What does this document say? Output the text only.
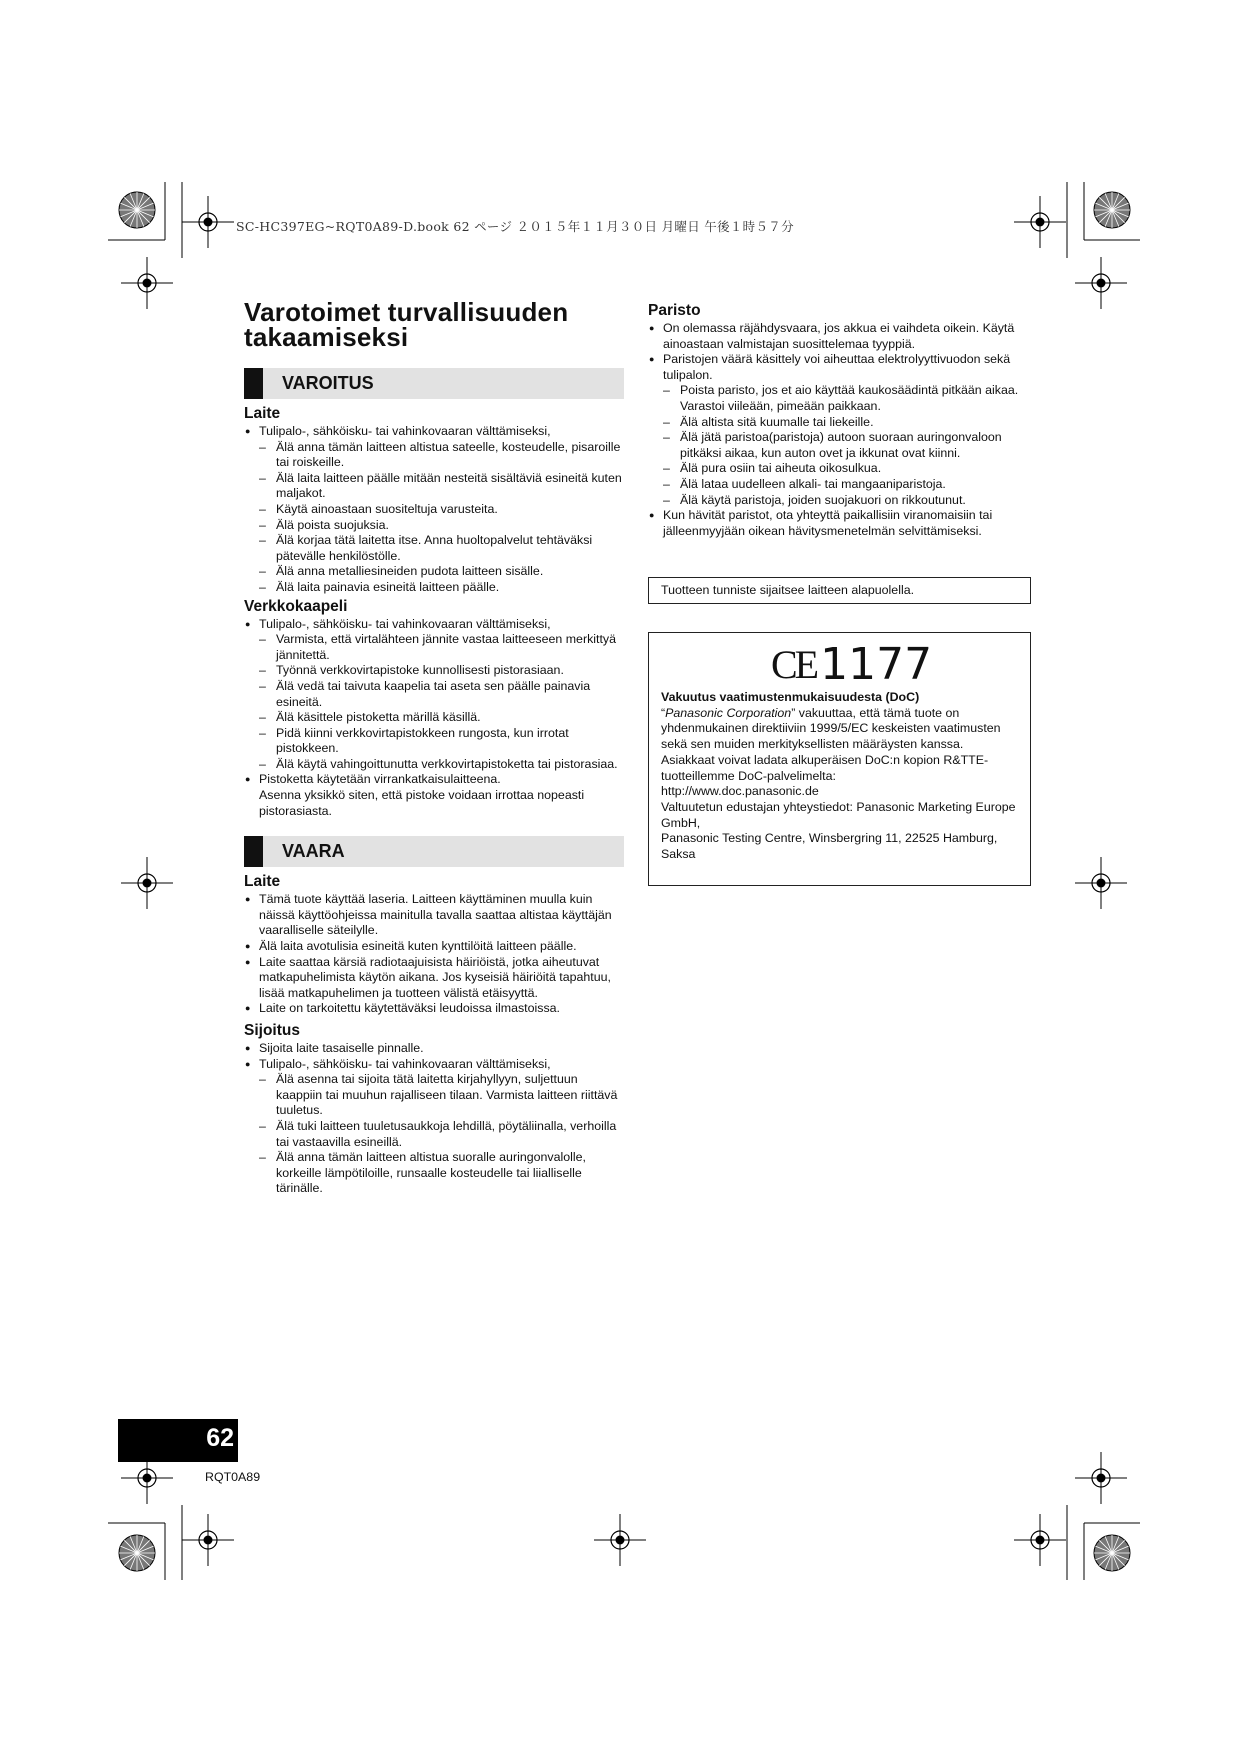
SC-HC397EG~RQT0A89-D.book 62 ページ ２０１５年１１月３０日 月曜日 午後１時５７分
Varotoimet turvallisuuden
takaamiseksi
VAROITUS
Laite
● Tulipalo-, sähköisku- tai vahinkovaaran välttämiseksi,
– Älä anna tämän laitteen altistua sateelle, kosteudelle, pisaroille tai roiskeille.
– Älä laita laitteen päälle mitään nesteitä sisältäviä esineitä kuten maljakot.
– Käytä ainoastaan suositeltuja varusteita.
– Älä poista suojuksia.
– Älä korjaa tätä laitetta itse. Anna huoltopalvelut tehtäväksi pätevälle henkilöstölle.
– Älä anna metalliesineiden pudota laitteen sisälle.
– Älä laita painavia esineitä laitteen päälle.
Verkkokaapeli
● Tulipalo-, sähköisku- tai vahinkovaaran välttämiseksi,
– Varmista, että virtalähteen jännite vastaa laitteeseen merkittyä jännitettä.
– Työnnä verkkovirtapistoke kunnollisesti pistorasiaan.
– Älä vedä tai taivuta kaapelia tai aseta sen päälle painavia esineitä.
– Älä käsittele pistoketta märillä käsillä.
– Pidä kiinni verkkovirtapistokkeen rungosta, kun irrotat pistokkeen.
– Älä käytä vahingoittunutta verkkovirtapistoketta tai pistorasiaa.
● Pistoketta käytetään virrankatkaisulaitteena.
Asenna yksikkö siten, että pistoke voidaan irrottaa nopeasti pistorasiasta.
VAARA
Laite
● Tämä tuote käyttää laseria. Laitteen käyttäminen muulla kuin näissä käyttöohjeissa mainitulla tavalla saattaa altistaa käyttäjän vaaralliselle säteilylle.
● Älä laita avotulisia esineitä kuten kynttilöitä laitteen päälle.
● Laite saattaa kärsiä radiotaajuisista häiriöistä, jotka aiheutuvat matkapuhelimista käytön aikana. Jos kyseisiä häiriöitä tapahtuu, lisää matkapuhelimen ja tuotteen välistä etäisyyttä.
● Laite on tarkoitettu käytettäväksi leudoissa ilmastoissa.
Sijoitus
● Sijoita laite tasaiselle pinnalle.
● Tulipalo-, sähköisku- tai vahinkovaaran välttämiseksi,
– Älä asenna tai sijoita tätä laitetta kirjahyllyyn, suljettuun kaappiin tai muuhun rajalliseen tilaan. Varmista laitteen riittävä tuuletus.
– Älä tuki laitteen tuuletusaukkoja lehdillä, pöytäliinalla, verhoilla tai vastaavilla esineillä.
– Älä anna tämän laitteen altistua suoralle auringonvalolle, korkeille lämpötiloille, runsaalle kosteudelle tai liialliselle tärinälle.
Paristo
● On olemassa räjähdysvaara, jos akkua ei vaihdeta oikein. Käytä ainoastaan valmistajan suosittelemaa tyyppiä.
● Paristojen väärä käsittely voi aiheuttaa elektrolyyttivuodon sekä tulipalon.
– Poista paristo, jos et aio käyttää kaukosäädintä pitkään aikaa. Varastoi viileään, pimeään paikkaan.
– Älä altista sitä kuumalle tai liekeille.
– Älä jätä paristoa(paristoja) autoon suoraan auringonvaloon pitkäksi aikaa, kun auton ovet ja ikkunat ovat kiinni.
– Älä pura osiin tai aiheuta oikosulkua.
– Älä lataa uudelleen alkali- tai mangaaniparistoja.
– Älä käytä paristoja, joiden suojakuori on rikkoutunut.
● Kun hävität paristot, ota yhteyttä paikallisiin viranomaisiin tai jälleenmyyjään oikean hävitysmenetelmän selvittämiseksi.
Tuotteen tunniste sijaitsee laitteen alapuolella.
CE 1177
Vakuutus vaatimustenmukaisuudesta (DoC)
“Panasonic Corporation” vakuuttaa, että tämä tuote on yhdenmukainen direktiiviin 1999/5/EC keskeisten vaatimusten sekä sen muiden merkityksellisten määräysten kanssa.
Asiakkaat voivat ladata alkuperäisen DoC:n kopion R&TTE-tuotteillemme DoC-palvelimelta:
http://www.doc.panasonic.de
Valtuutetun edustajan yhteystiedot: Panasonic Marketing Europe GmbH,
Panasonic Testing Centre, Winsbergring 11, 22525 Hamburg, Saksa
62
RQT0A89
